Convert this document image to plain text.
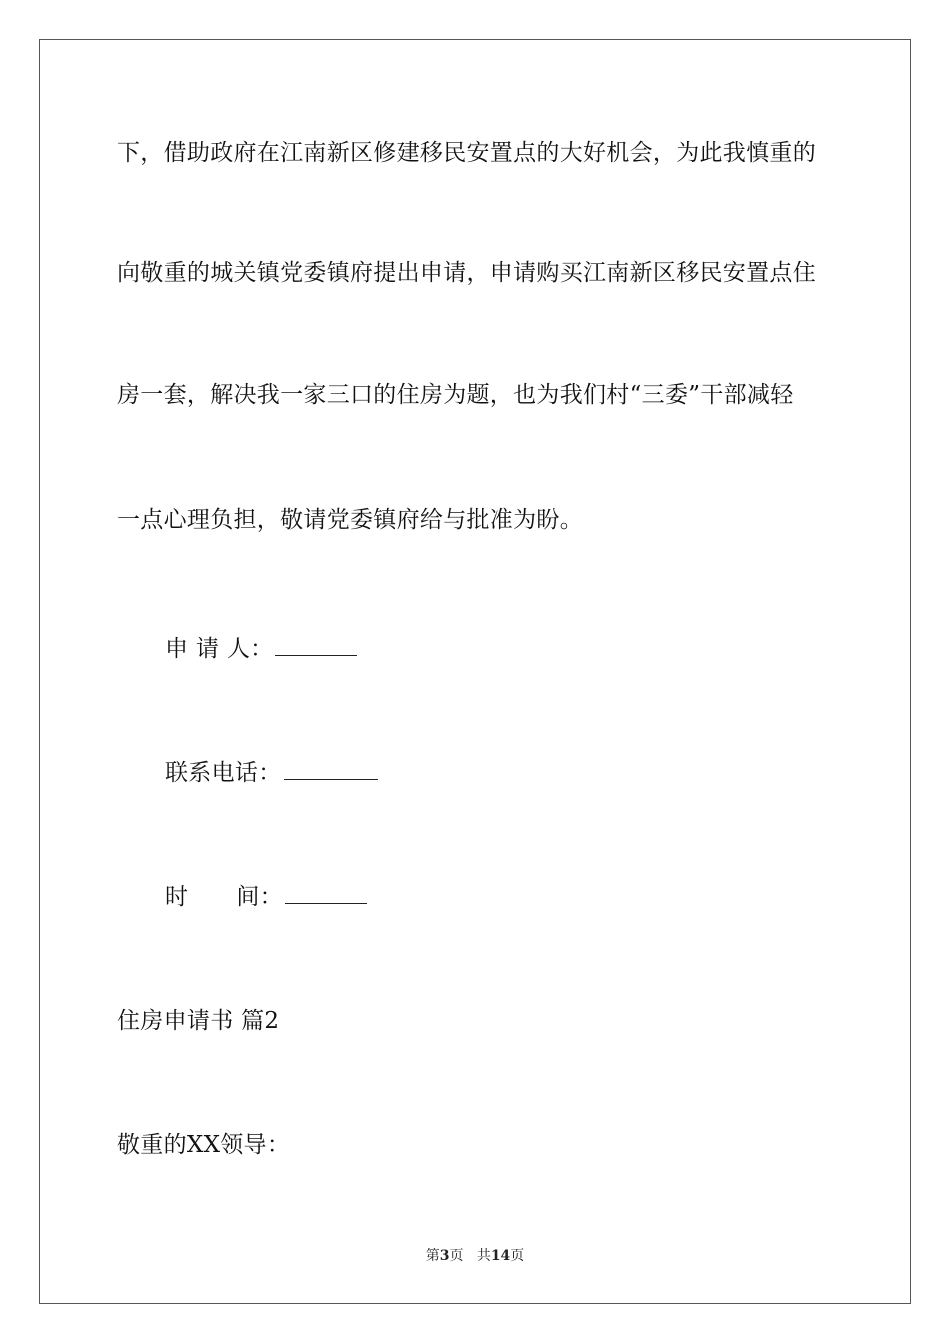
下，借助政府在江南新区修建移民安置点的大好机会，为此我慎重的
向敬重的城关镇党委镇府提出申请，申请购买江南新区移民安置点住
房一套，解决我一家三口的住房为题，也为我们村“三委”干部减轻
一点心理负担，敬请党委镇府给与批准为盼。
申 请 人：
联系电话：
时 间：
住房申请书 篇2
敬重的XX领导：
第3页 共14页
